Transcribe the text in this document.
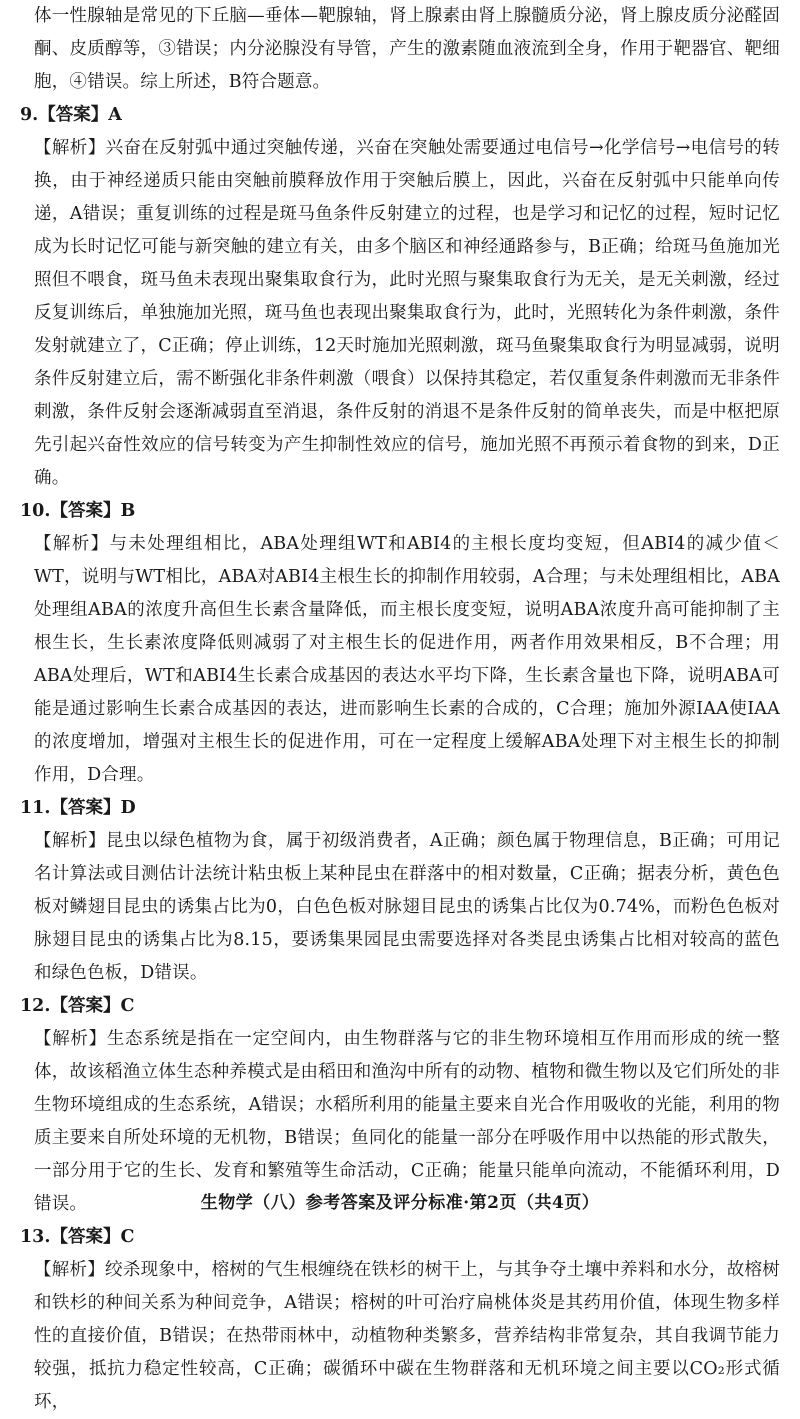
体一性腺轴是常见的下丘脑—垂体—靶腺轴，肾上腺素由肾上腺髓质分泌，肾上腺皮质分泌醛固酮、皮质醇等，③错误；内分泌腺没有导管，产生的激素随血液流到全身，作用于靶器官、靶细胞，④错误。综上所述，B符合题意。

9.【答案】A

【解析】兴奋在反射弧中通过突触传递，兴奋在突触处需要通过电信号→化学信号→电信号的转换，由于神经递质只能由突触前膜释放作用于突触后膜上，因此，兴奋在反射弧中只能单向传递，A错误；重复训练的过程是斑马鱼条件反射建立的过程，也是学习和记忆的过程，短时记忆成为长时记忆可能与新突触的建立有关，由多个脑区和神经通路参与，B正确；给斑马鱼施加光照但不喂食，斑马鱼未表现出聚集取食行为，此时光照与聚集取食行为无关，是无关刺激，经过反复训练后，单独施加光照，斑马鱼也表现出聚集取食行为，此时，光照转化为条件刺激，条件发射就建立了，C正确；停止训练，12天时施加光照刺激，斑马鱼聚集取食行为明显减弱，说明条件反射建立后，需不断强化非条件刺激（喂食）以保持其稳定，若仅重复条件刺激而无非条件刺激，条件反射会逐渐减弱直至消退，条件反射的消退不是条件反射的简单丧失，而是中枢把原先引起兴奋性效应的信号转变为产生抑制性效应的信号，施加光照不再预示着食物的到来，D正确。

10.【答案】B

【解析】与未处理组相比，ABA处理组WT和ABI4的主根长度均变短，但ABI4的减少值＜WT，说明与WT相比，ABA对ABI4主根生长的抑制作用较弱，A合理；与未处理组相比，ABA处理组ABA的浓度升高但生长素含量降低，而主根长度变短，说明ABA浓度升高可能抑制了主根生长，生长素浓度降低则减弱了对主根生长的促进作用，两者作用效果相反，B不合理；用ABA处理后，WT和ABI4生长素合成基因的表达水平均下降，生长素含量也下降，说明ABA可能是通过影响生长素合成基因的表达，进而影响生长素的合成的，C合理；施加外源IAA使IAA的浓度增加，增强对主根生长的促进作用，可在一定程度上缓解ABA处理下对主根生长的抑制作用，D合理。

11.【答案】D

【解析】昆虫以绿色植物为食，属于初级消费者，A正确；颜色属于物理信息，B正确；可用记名计算法或目测估计法统计粘虫板上某种昆虫在群落中的相对数量，C正确；据表分析，黄色色板对鳞翅目昆虫的诱集占比为0，白色色板对脉翅目昆虫的诱集占比仅为0.74%，而粉色色板对脉翅目昆虫的诱集占比为8.15，要诱集果园昆虫需要选择对各类昆虫诱集占比相对较高的蓝色和绿色色板，D错误。

12.【答案】C

【解析】生态系统是指在一定空间内，由生物群落与它的非生物环境相互作用而形成的统一整体，故该稻渔立体生态种养模式是由稻田和渔沟中所有的动物、植物和微生物以及它们所处的非生物环境组成的生态系统，A错误；水稻所利用的能量主要来自光合作用吸收的光能，利用的物质主要来自所处环境的无机物，B错误；鱼同化的能量一部分在呼吸作用中以热能的形式散失，一部分用于它的生长、发育和繁殖等生命活动，C正确；能量只能单向流动，不能循环利用，D错误。

13.【答案】C

【解析】绞杀现象中，榕树的气生根缠绕在铁杉的树干上，与其争夺土壤中养料和水分，故榕树和铁杉的种间关系为种间竞争，A错误；榕树的叶可治疗扁桃体炎是其药用价值，体现生物多样性的直接价值，B错误；在热带雨林中，动植物种类繁多，营养结构非常复杂，其自我调节能力较强，抵抗力稳定性较高，C正确；碳循环中碳在生物群落和无机环境之间主要以CO₂形式循环，

生物学（八）参考答案及评分标准·第2页（共4页）
